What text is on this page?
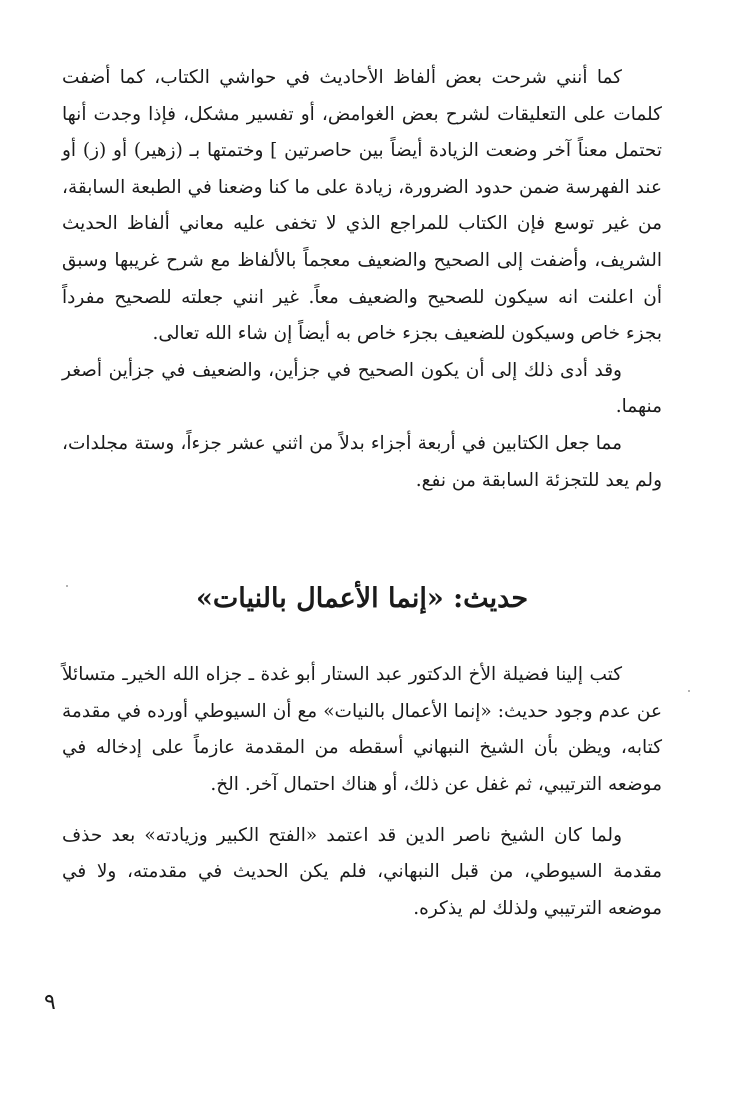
كما أنني شرحت بعض ألفاظ الأحاديث في حواشي الكتاب، كما أضفت كلمات على التعليقات لشرح بعض الغوامض، أو تفسير مشكل، فإذا وجدت أنها تحتمل معناً آخر وضعت الزيادة أيضاً بين حاصرتين ] وختمتها بـ (زهير) أو (ز) أو عند الفهرسة ضمن حدود الضرورة، زيادة على ما كنا وضعنا في الطبعة السابقة، من غير توسع فإن الكتاب للمراجع الذي لا تخفى عليه معاني ألفاظ الحديث الشريف، وأضفت إلى الصحيح والضعيف معجماً بالألفاظ مع شرح غريبها وسبق أن اعلنت انه سيكون للصحيح والضعيف معاً. غير انني جعلته للصحيح مفرداً بجزء خاص وسيكون للضعيف بجزء خاص به أيضاً إن شاء الله تعالى.

وقد أدى ذلك إلى أن يكون الصحيح في جزأين، والضعيف في جزأين أصغر منهما.

مما جعل الكتابين في أربعة أجزاء بدلاً من اثني عشر جزءاً، وستة مجلدات، ولم يعد للتجزئة السابقة من نفع.

حديث: «إنما الأعمال بالنيات»

كتب إلينا فضيلة الأخ الدكتور عبد الستار أبو غدة ـ جزاه الله الخيرـ متسائلاً عن عدم وجود حديث: «إنما الأعمال بالنيات» مع أن السيوطي أورده في مقدمة كتابه، ويظن بأن الشيخ النبهاني أسقطه من المقدمة عازماً على إدخاله في موضعه الترتيبي، ثم غفل عن ذلك، أو هناك احتمال آخر. الخ.

ولما كان الشيخ ناصر الدين قد اعتمد «الفتح الكبير وزيادته» بعد حذف مقدمة السيوطي، من قبل النبهاني، فلم يكن الحديث في مقدمته، ولا في موضعه الترتيبي ولذلك لم يذكره.

٩
